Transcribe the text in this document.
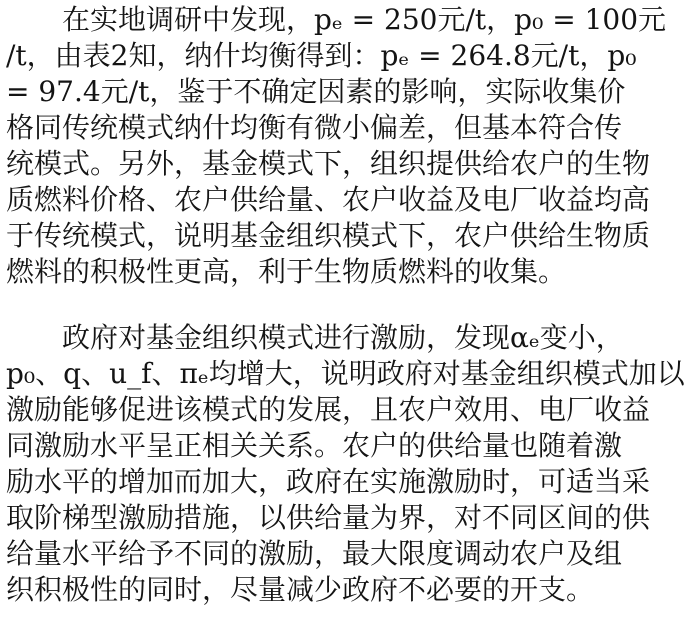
在实地调研中发现，pₑ = 250元/t，p₀ = 100元
/t，由表2知，纳什均衡得到：pₑ = 264.8元/t，p₀
= 97.4元/t，鉴于不确定因素的影响，实际收集价
格同传统模式纳什均衡有微小偏差，但基本符合传
统模式。另外，基金模式下，组织提供给农户的生物
质燃料价格、农户供给量、农户收益及电厂收益均高
于传统模式，说明基金组织模式下，农户供给生物质
燃料的积极性更高，利于生物质燃料的收集。
政府对基金组织模式进行激励，发现αₑ变小，
p₀、q、u_f、πₑ均增大，说明政府对基金组织模式加以
激励能够促进该模式的发展，且农户效用、电厂收益
同激励水平呈正相关关系。农户的供给量也随着激
励水平的增加而加大，政府在实施激励时，可适当采
取阶梯型激励措施，以供给量为界，对不同区间的供
给量水平给予不同的激励，最大限度调动农户及组
织积极性的同时，尽量减少政府不必要的开支。
